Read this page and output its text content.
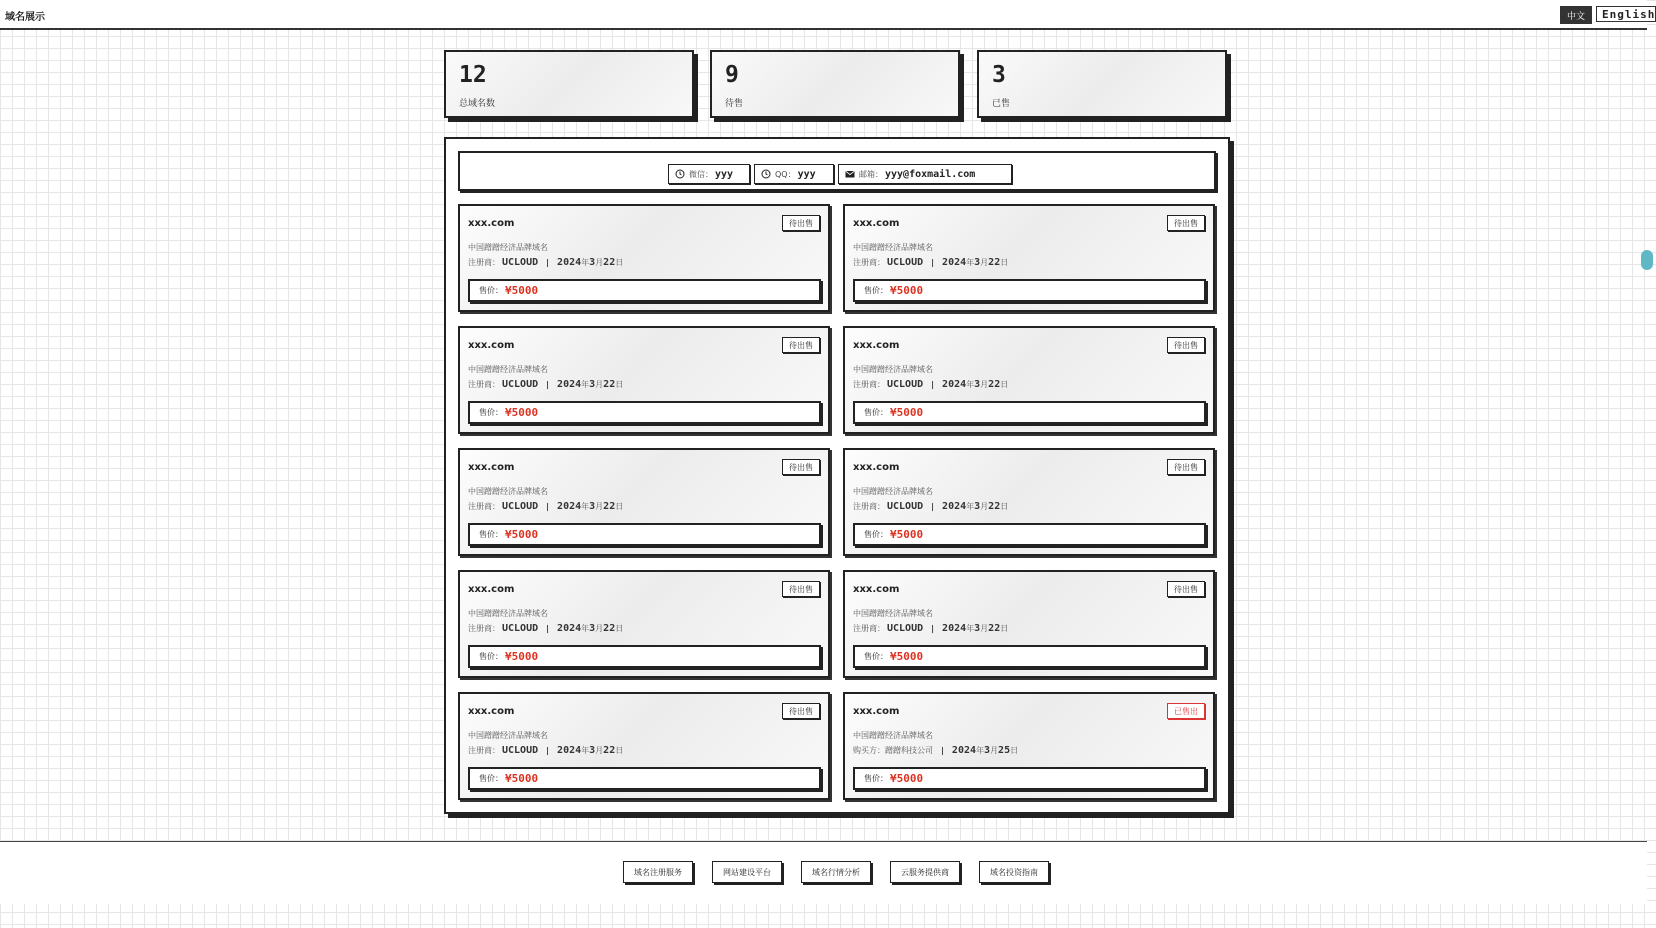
域名展示	中文	English
12
总域名数
9
待售
3
已售
微信： yyy	QQ： yyy	邮箱： yyy@foxmail.com
xxx.com	待出售
中国蹭蹭经济品牌域名
注册商： UCLOUD | 2024 年 3 月 22 日
售价： ¥ 5000
xxx.com	待出售
中国蹭蹭经济品牌域名
注册商： UCLOUD | 2024 年 3 月 22 日
售价： ¥ 5000
xxx.com	待出售
中国蹭蹭经济品牌域名
注册商： UCLOUD | 2024 年 3 月 22 日
售价： ¥ 5000
xxx.com	待出售
中国蹭蹭经济品牌域名
注册商： UCLOUD | 2024 年 3 月 22 日
售价： ¥ 5000
xxx.com	待出售
中国蹭蹭经济品牌域名
注册商： UCLOUD | 2024 年 3 月 22 日
售价： ¥ 5000
xxx.com	待出售
中国蹭蹭经济品牌域名
注册商： UCLOUD | 2024 年 3 月 22 日
售价： ¥ 5000
xxx.com	待出售
中国蹭蹭经济品牌域名
注册商： UCLOUD | 2024 年 3 月 22 日
售价： ¥ 5000
xxx.com	待出售
中国蹭蹭经济品牌域名
注册商： UCLOUD | 2024 年 3 月 22 日
售价： ¥ 5000
xxx.com	待出售
中国蹭蹭经济品牌域名
注册商： UCLOUD | 2024 年 3 月 22 日
售价： ¥ 5000
xxx.com	已售出
中国蹭蹭经济品牌域名
购买方： 蹭蹭科技公司 | 2024 年 3 月 25 日
售价： ¥ 5000
域名注册服务	网站建设平台	域名行情分析	云服务提供商	域名投资指南
